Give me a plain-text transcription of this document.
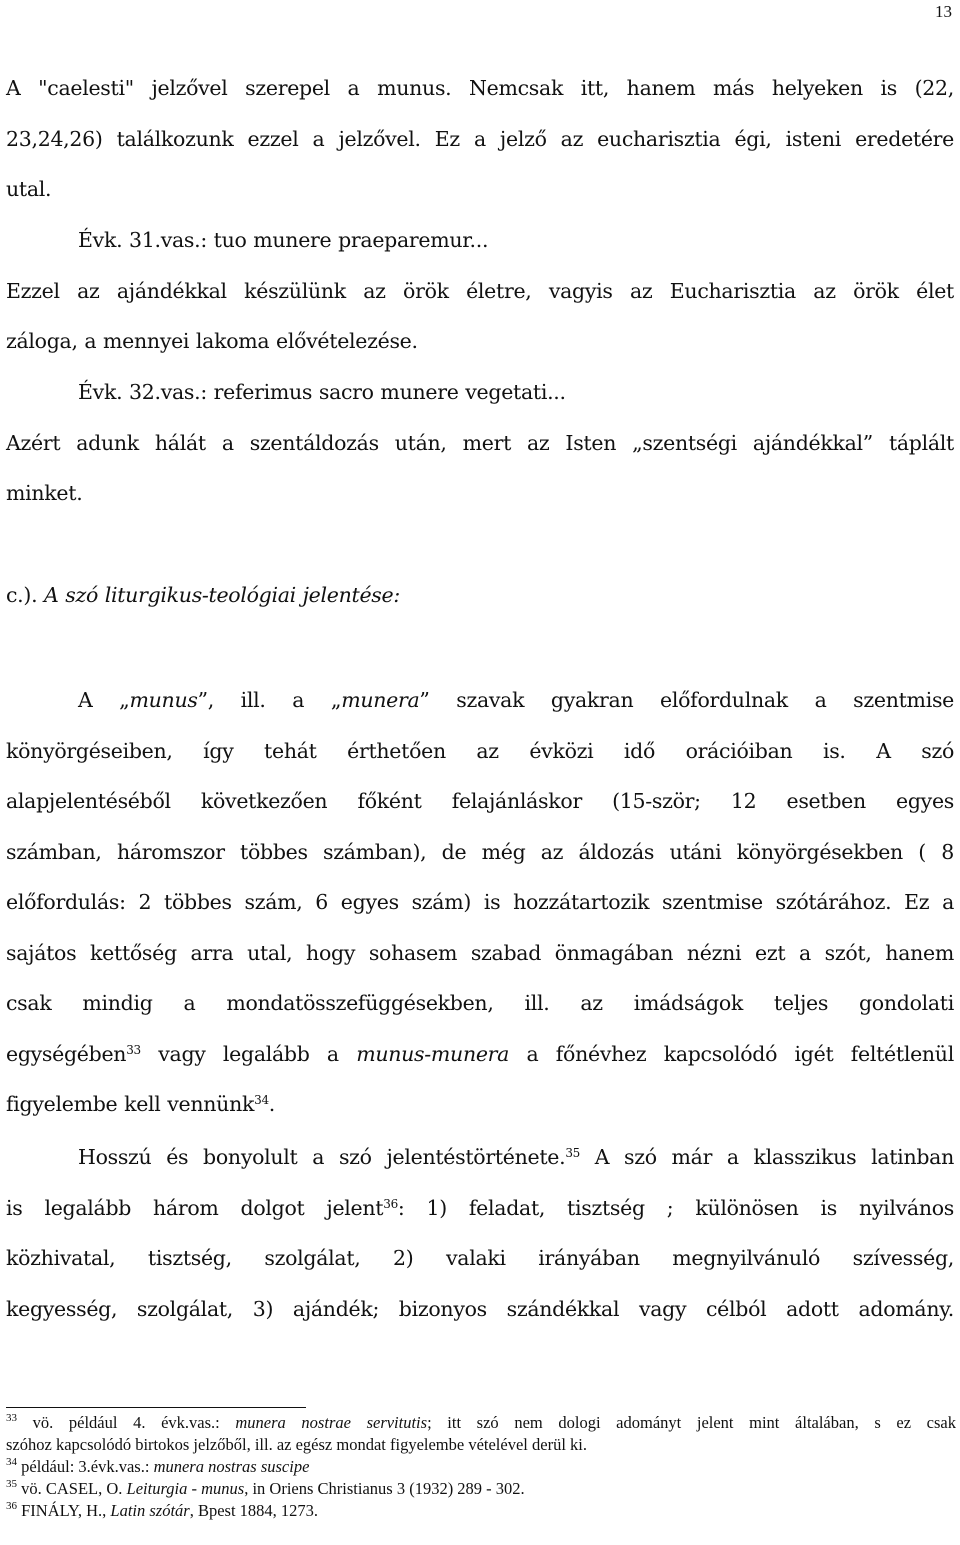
13
A "caelesti" jelzővel szerepel a munus. Nemcsak itt, hanem más helyeken is (22,
23,24,26) találkozunk ezzel a jelzővel. Ez a jelző az eucharisztia égi, isteni eredetére
utal.
Évk. 31.vas.: tuo munere praeparemur...
Ezzel az ajándékkal készülünk az örök életre, vagyis az Eucharisztia az örök élet
záloga, a mennyei lakoma elővételezése.
Évk. 32.vas.: referimus sacro munere vegetati...
Azért adunk hálát a szentáldozás után, mert az Isten „szentségi ajándékkal” táplált
minket.
c.). A szó liturgikus-teológiai jelentése:
A „munus”, ill. a „munera” szavak gyakran előfordulnak a szentmise
könyörgéseiben, így tehát érthetően az évközi idő orációiban is. A szó
alapjelentéséből következően főként felajánláskor (15-ször; 12 esetben egyes
számban, háromszor többes számban), de még az áldozás utáni könyörgésekben ( 8
előfordulás: 2 többes szám, 6 egyes szám) is hozzátartozik szentmise szótárához. Ez a
sajátos kettőség arra utal, hogy sohasem szabad önmagában nézni ezt a szót, hanem
csak mindig a mondatösszefüggésekben, ill. az imádságok teljes gondolati
egységében$^{33}$ vagy legalább a munus-munera a főnévhez kapcsolódó igét feltétlenül
figyelembe kell vennünk$^{34}$.
Hosszú és bonyolult a szó jelentéstörténete.$^{35}$ A szó már a klasszikus latinban
is legalább három dolgot jelent$^{36}$: 1) feladat, tisztség ; különösen is nyilvános
közhivatal, tisztség, szolgálat, 2) valaki irányában megnyilvánuló szívesség,
kegyesség, szolgálat, 3) ajándék; bizonyos szándékkal vagy célból adott adomány.
$^{33}$ vö. például 4. évk.vas.: munera nostrae servitutis; itt szó nem dologi adományt jelent mint általában, s ez csak
szóhoz kapcsolódó birtokos jelzőből, ill. az egész mondat figyelembe vételével derül ki.
$^{34}$ például: 3.évk.vas.: munera nostras suscipe
$^{35}$ vö. CASEL, O. Leiturgia - munus, in Oriens Christianus 3 (1932) 289 - 302.
$^{36}$ FINÁLY, H., Latin szótár, Bpest 1884, 1273.
